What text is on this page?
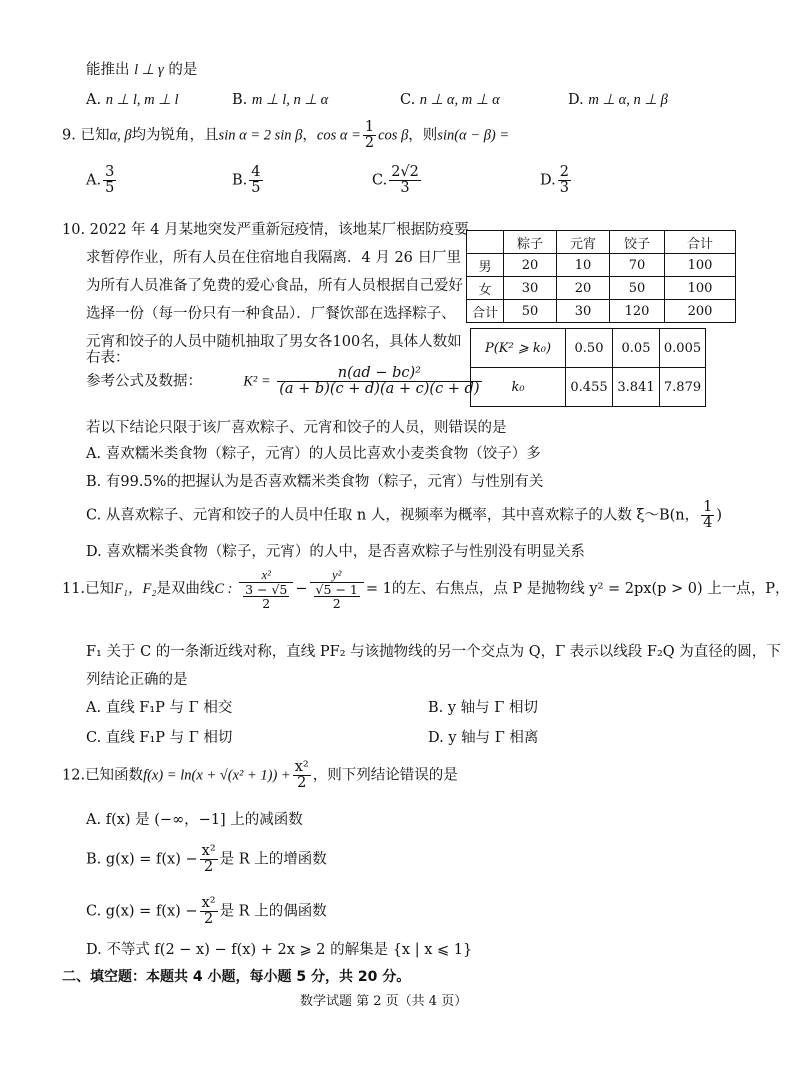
能推出 l ⊥ γ 的是
A. n ⊥ l, m ⊥ l	B. m ⊥ l, n ⊥ α	C. n ⊥ α, m ⊥ α	D. m ⊥ α, n ⊥ β
9. 已知α, β均为锐角，且sin α = 2 sin β，$\cos \alpha = \frac{1}{2}$ cos β，则sin(α − β) =
A. $\frac{3}{5}$	B. $\frac{4}{5}$	C. $\frac{2√2}{3}$	D. $\frac{2}{3}$
10. 2022 年 4 月某地突发严重新冠疫情，该地某厂根据防疫要
求暂停作业，所有人员在住宿地自我隔离．4 月 26 日厂里
为所有人员准备了免费的爱心食品，所有人员根据自己爱好
选择一份（每一份只有一种食品）．厂餐饮部在选择粽子、
元宵和饺子的人员中随机抽取了男女各100名，具体人数如
右表：
参考公式及数据：	$K^2 = \frac{\text{n(ad − bc)²}}{(a + b)(c + d)(a + c)(c + d)}$
	粽子	元宵	饺子	合计
男	20	10	70	100
女	30	20	50	100
合计	50	30	120	200
P(K² ⩾ k₀)	0.50	0.05	0.005
k₀	0.455	3.841	7.879
若以下结论只限于该厂喜欢粽子、元宵和饺子的人员，则错误的是
A. 喜欢糯米类食物（粽子，元宵）的人员比喜欢小麦类食物（饺子）多
B. 有99.5%的把握认为是否喜欢糯米类食物（粽子，元宵）与性别有关
C. 从喜欢粽子、元宵和饺子的人员中任取 n 人，视频率为概率，其中喜欢粽子的人数 ξ～B(n， $\frac{1}{4}$ )
D. 喜欢糯米类食物（粽子，元宵）的人中，是否喜欢粽子与性别没有明显关系
11.已知F₁，F₂是双曲线C : $\frac{\text{x²}}{\frac{3 - √5}{2}} - \frac{\text{y²}}{\frac{√5 - 1}{2}} = 1$的左、右焦点，点 P 是抛物线 y² = 2px(p > 0) 上一点，P，
F₁ 关于 C 的一条渐近线对称，直线 PF₂ 与该抛物线的另一个交点为 Q，Γ 表示以线段 F₂Q 为直径的圆，下
列结论正确的是
A. 直线 F₁P 与 Γ 相交	B. y 轴与 Γ 相切
C. 直线 F₁P 与 Γ 相切	D. y 轴与 Γ 相离
12.已知函数$f(x) = \ln(x + √(x^2 + 1)) + \frac{\text{x²}}{2}$ ，则下列结论错误的是
A. f(x) 是 (−∞，−1] 上的减函数
B. $g(x) = f(x) - \frac{\text{x²}}{2}$ 是 R 上的增函数
C. $g(x) = f(x) - \frac{\text{x²}}{2}$ 是 R 上的偶函数
D. 不等式 f(2 − x) − f(x) + 2x ⩾ 2 的解集是 {x | x ⩽ 1}
二、填空题：本题共 4 小题，每小题 5 分，共 20 分。
数学试题 第 2 页（共 4 页）
